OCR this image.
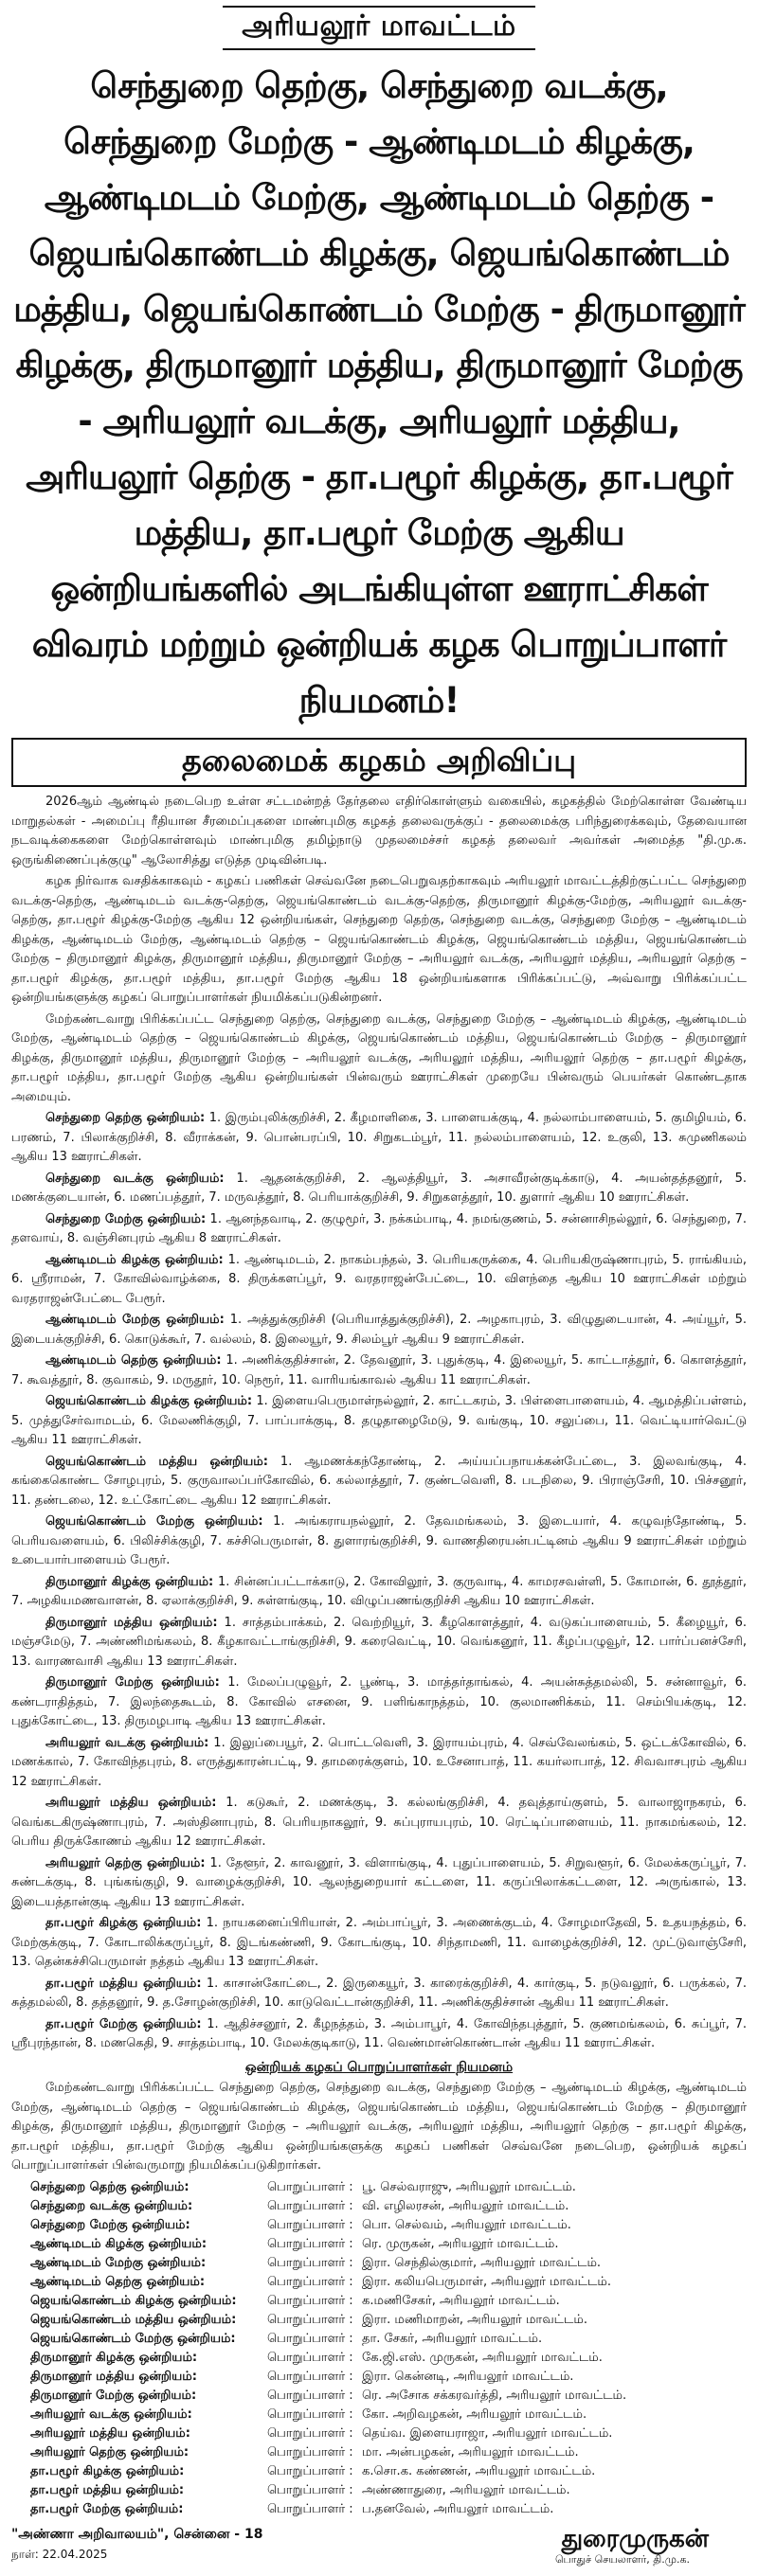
அரியலூர் மாவட்டம்
செந்துறை தெற்கு, செந்துறை வடக்கு, செந்துறை மேற்கு - ஆண்டிமடம் கிழக்கு, ஆண்டிமடம் மேற்கு, ஆண்டிமடம் தெற்கு - ஜெயங்கொண்டம் கிழக்கு, ஜெயங்கொண்டம் மத்திய, ஜெயங்கொண்டம் மேற்கு - திருமானூர் கிழக்கு, திருமானூர் மத்திய, திருமானூர் மேற்கு - அரியலூர் வடக்கு, அரியலூர் மத்திய, அரியலூர் தெற்கு - தா.பழூர் கிழக்கு, தா.பழூர் மத்திய, தா.பழூர் மேற்கு ஆகிய ஒன்றியங்களில் அடங்கியுள்ள ஊராட்சிகள் விவரம் மற்றும் ஒன்றியக் கழக பொறுப்பாளர் நியமனம்!
தலைமைக் கழகம் அறிவிப்பு

2026ஆம் ஆண்டில் நடைபெற உள்ள சட்டமன்றத் தேர்தலை எதிர்கொள்ளும் வகையில், கழகத்தில் மேற்கொள்ள வேண்டிய மாறுதல்கள் - அமைப்பு ரீதியான சீரமைப்புகளை மாண்புமிகு கழகத் தலைவருக்குப் - தலைமைக்கு பரிந்துரைக்கவும், தேவையான நடவடிக்கைகளை மேற்கொள்ளவும் மாண்புமிகு தமிழ்நாடு முதலமைச்சர் கழகத் தலைவர் அவர்கள் அமைத்த "தி.மு.க. ஒருங்கிணைப்புக்குழு" ஆலோசித்து எடுத்த முடிவின்படி.

கழக நிர்வாக வசதிக்காகவும் - கழகப் பணிகள் செவ்வனே நடைபெறுவதற்காகவும் அரியலூர் மாவட்டத்திற்குட்பட்ட செந்துறை வடக்கு-தெற்கு, ஆண்டிமடம் வடக்கு-தெற்கு, ஜெயங்கொண்டம் வடக்கு-தெற்கு, திருமானூர் கிழக்கு-மேற்கு, அரியலூர் வடக்கு-தெற்கு, தா.பழூர் கிழக்கு-மேற்கு ஆகிய 12 ஒன்றியங்கள், செந்துறை தெற்கு, செந்துறை வடக்கு, செந்துறை மேற்கு – ஆண்டிமடம் கிழக்கு, ஆண்டிமடம் மேற்கு, ஆண்டிமடம் தெற்கு – ஜெயங்கொண்டம் கிழக்கு, ஜெயங்கொண்டம் மத்திய, ஜெயங்கொண்டம் மேற்கு – திருமானூர் கிழக்கு, திருமானூர் மத்திய, திருமானூர் மேற்கு – அரியலூர் வடக்கு, அரியலூர் மத்திய, அரியலூர் தெற்கு – தா.பழூர் கிழக்கு, தா.பழூர் மத்திய, தா.பழூர் மேற்கு ஆகிய 18 ஒன்றியங்களாக பிரிக்கப்பட்டு, அவ்வாறு பிரிக்கப்பட்ட ஒன்றியங்களுக்கு கழகப் பொறுப்பாளர்கள் நியமிக்கப்படுகின்றனர்.

மேற்கண்டவாறு பிரிக்கப்பட்ட செந்துறை தெற்கு, செந்துறை வடக்கு, செந்துறை மேற்கு – ஆண்டிமடம் கிழக்கு, ஆண்டிமடம் மேற்கு, ஆண்டிமடம் தெற்கு – ஜெயங்கொண்டம் கிழக்கு, ஜெயங்கொண்டம் மத்திய, ஜெயங்கொண்டம் மேற்கு – திருமானூர் கிழக்கு, திருமானூர் மத்திய, திருமானூர் மேற்கு – அரியலூர் வடக்கு, அரியலூர் மத்திய, அரியலூர் தெற்கு – தா.பழூர் கிழக்கு, தா.பழூர் மத்திய, தா.பழூர் மேற்கு ஆகிய ஒன்றியங்கள் பின்வரும் ஊராட்சிகள் முறையே பின்வரும் பெயர்கள் கொண்டதாக அமையும்.

செந்துறை தெற்கு ஒன்றியம்: 1. இரும்புலிக்குறிச்சி, 2. கீழமாளிகை, 3. பாளையக்குடி, 4. நல்லாம்பாளையம், 5. குமிழியம், 6. பரணம், 7. பிலாக்குறிச்சி, 8. வீராக்கன், 9. பொன்பரப்பி, 10. சிறுகடம்பூர், 11. நல்லம்பாளையம், 12. உகுலி, 13. சுமுணிகலம் ஆகிய 13 ஊராட்சிகள்.

செந்துறை வடக்கு ஒன்றியம்: 1. ஆதனக்குறிச்சி, 2. ஆலத்தியூர், 3. அசாவீரன்குடிக்காடு, 4. அயன்தத்தனூர், 5. மணக்குடையான், 6. மணப்பத்தூர், 7. மருவத்தூர், 8. பெரியாக்குறிச்சி, 9. சிறுகளத்தூர், 10. துளார் ஆகிய 10 ஊராட்சிகள்.

செந்துறை மேற்கு ஒன்றியம்: 1. ஆனந்தவாடி, 2. குழுமூர், 3. நக்கம்பாடி, 4. நமங்குணம், 5. சன்னாசிநல்லூர், 6. செந்துறை, 7. தளவாய், 8. வஞ்சினபுரம் ஆகிய 8 ஊராட்சிகள்.

ஆண்டிமடம் கிழக்கு ஒன்றியம்: 1. ஆண்டிமடம், 2. நாகம்பந்தல், 3. பெரியகருக்கை, 4. பெரியகிருஷ்ணாபுரம், 5. ராங்கியம், 6. ஸ்ரீராமன், 7. கோவில்வாழ்க்கை, 8. திருக்களப்பூர், 9. வரதராஜன்பேட்டை, 10. விளந்தை ஆகிய 10 ஊராட்சிகள் மற்றும் வரதராஜன்பேட்டை பேரூர்.

ஆண்டிமடம் மேற்கு ஒன்றியம்: 1. அத்துக்குறிச்சி (பெரியாத்துக்குறிச்சி), 2. அழகாபுரம், 3. விழுதுடையான், 4. அய்யூர், 5. இடையக்குறிச்சி, 6. கொடுக்கூர், 7. வல்லம், 8. இலையூர், 9. சிலம்பூர் ஆகிய 9 ஊராட்சிகள்.

ஆண்டிமடம் தெற்கு ஒன்றியம்: 1. அணிக்குதிச்சான், 2. தேவனூர், 3. புதுக்குடி, 4. இலையூர், 5. காட்டாத்தூர், 6. கொளத்தூர், 7. கூவத்தூர், 8. குவாகம், 9. மருதூர், 10. நெரூர், 11. வாரியங்காவல் ஆகிய 11 ஊராட்சிகள்.

ஜெயங்கொண்டம் கிழக்கு ஒன்றியம்: 1. இளையபெருமாள்நல்லூர், 2. காட்டகரம், 3. பிள்ளைபாளையம், 4. ஆமத்திப்பள்ளம், 5. முத்துசேர்வாமடம், 6. மேலணிக்குழி, 7. பாப்பாக்குடி, 8. தழுதாழைமேடு, 9. வங்குடி, 10. சலுப்பை, 11. வெட்டியார்வெட்டு ஆகிய 11 ஊராட்சிகள்.

ஜெயங்கொண்டம் மத்திய ஒன்றியம்: 1. ஆமணக்கந்தோண்டி, 2. அய்யப்பநாயக்கன்பேட்டை, 3. இலவங்குடி, 4. கங்கைகொண்ட சோழபுரம், 5. குருவாலப்பர்கோவில், 6. கல்லாத்தூர், 7. குண்டவெளி, 8. படநிலை, 9. பிராஞ்சேரி, 10. பிச்சனூர், 11. தண்டலை, 12. உட்கோட்டை ஆகிய 12 ஊராட்சிகள்.

ஜெயங்கொண்டம் மேற்கு ஒன்றியம்: 1. அங்கராயநல்லூர், 2. தேவமங்கலம், 3. இடையார், 4. கழுவந்தோண்டி, 5. பெரியவளையம், 6. பிலிச்சிக்குழி, 7. கச்சிபெருமாள், 8. துளாரங்குறிச்சி, 9. வாணதிரையன்பட்டினம் ஆகிய 9 ஊராட்சிகள் மற்றும் உடையார்பாளையம் பேரூர்.

திருமானூர் கிழக்கு ஒன்றியம்: 1. சின்னப்பட்டாக்காடு, 2. கோவிலூர், 3. குருவாடி, 4. காமரசவள்ளி, 5. கோமான், 6. தூத்தூர், 7. அழகியமணவாளன், 8. ஏலாக்குறிச்சி, 9. சுள்ளங்குடி, 10. விழுப்பணங்குறிச்சி ஆகிய 10 ஊராட்சிகள்.

திருமானூர் மத்திய ஒன்றியம்: 1. சாத்தம்பாக்கம், 2. வெற்றியூர், 3. கீழகொளத்தூர், 4. வடுகப்பாளையம், 5. கீழையூர், 6. மஞ்சமேடு, 7. அண்ணிமங்கலம், 8. கீழகாவட்டாங்குறிச்சி, 9. கரைவெட்டி, 10. வெங்கனூர், 11. கீழப்பழுவூர், 12. பார்ப்பனச்சேரி, 13. வாரணவாசி ஆகிய 13 ஊராட்சிகள்.

திருமானூர் மேற்கு ஒன்றியம்: 1. மேலப்பழுவூர், 2. பூண்டி, 3. மாத்தர்தாங்கல், 4. அயன்சுத்தமல்லி, 5. சன்னாவூர், 6. கண்டராதித்தம், 7. இலந்தைகூடம், 8. கோவில் எசனை, 9. பளிங்காநத்தம், 10. குலமாணிக்கம், 11. செம்பியக்குடி, 12. புதுக்கோட்டை, 13. திருமழபாடி ஆகிய 13 ஊராட்சிகள்.

அரியலூர் வடக்கு ஒன்றியம்: 1. இலுப்பையூர், 2. பொட்டவெளி, 3. இராயம்புரம், 4. செவ்வேலங்கம், 5. ஒட்டக்கோவில், 6. மணக்கால், 7. கோவிந்தபுரம், 8. எருத்துகாரன்பட்டி, 9. தாமரைக்குளம், 10. உசேனாபாத், 11. கயர்லாபாத், 12. சிவவாசபுரம் ஆகிய 12 ஊராட்சிகள்.

அரியலூர் மத்திய ஒன்றியம்: 1. கடுகூர், 2. மணக்குடி, 3. கல்லங்குறிச்சி, 4. தவுத்தாய்குளம், 5. வாலாஜாநகரம், 6. வெங்கடகிருஷ்ணாபுரம், 7. அஸ்தினாபுரம், 8. பெரியநாகலூர், 9. சுப்புராயபுரம், 10. ரெட்டிப்பாளையம், 11. நாகமங்கலம், 12. பெரிய திருக்கோணம் ஆகிய 12 ஊராட்சிகள்.

அரியலூர் தெற்கு ஒன்றியம்: 1. தேளூர், 2. காவனூர், 3. விளாங்குடி, 4. புதுப்பாளையம், 5. சிறுவளூர், 6. மேலக்கருப்பூர், 7. சுண்டக்குடி, 8. புங்கங்குழி, 9. வாழைக்குறிச்சி, 10. ஆலந்துறையார் கட்டளை, 11. கருப்பிலாக்கட்டளை, 12. அருங்கால், 13. இடையத்தான்குடி ஆகிய 13 ஊராட்சிகள்.

தா.பழூர் கிழக்கு ஒன்றியம்: 1. நாயகனைப்பிரியாள், 2. அம்பாப்பூர், 3. அணைக்குடம், 4. சோழமாதேவி, 5. உதயநத்தம், 6. மேற்குக்குடி, 7. கோடாலிக்கருப்பூர், 8. இடங்கண்ணி, 9. கோடங்குடி, 10. சிந்தாமணி, 11. வாழைக்குறிச்சி, 12. முட்டுவாஞ்சேரி, 13. தென்கச்சிபெருமாள் நத்தம் ஆகிய 13 ஊராட்சிகள்.

தா.பழூர் மத்திய ஒன்றியம்: 1. காசான்கோட்டை, 2. இருகையூர், 3. காரைக்குறிச்சி, 4. கார்குடி, 5. நடுவலூர், 6. பருக்கல், 7. சுத்தமல்லி, 8. தத்தனூர், 9. த.சோழன்குறிச்சி, 10. காடுவெட்டான்குறிச்சி, 11. அணிக்குதிச்சான் ஆகிய 11 ஊராட்சிகள்.

தா.பழூர் மேற்கு ஒன்றியம்: 1. ஆதிச்சனூர், 2. கீழநத்தம், 3. அம்பாபூர், 4. கோவிந்தபுத்தூர், 5. குணமங்கலம், 6. சுப்பூர், 7. ஸ்ரீபுரந்தான், 8. மணகெதி, 9. சாத்தம்பாடி, 10. மேலக்குடிகாடு, 11. வெண்மான்கொண்டான் ஆகிய 11 ஊராட்சிகள்.

ஒன்றியக் கழகப் பொறுப்பாளர்கள் நியமனம்

மேற்கண்டவாறு பிரிக்கப்பட்ட செந்துறை தெற்கு, செந்துறை வடக்கு, செந்துறை மேற்கு – ஆண்டிமடம் கிழக்கு, ஆண்டிமடம் மேற்கு, ஆண்டிமடம் தெற்கு – ஜெயங்கொண்டம் கிழக்கு, ஜெயங்கொண்டம் மத்திய, ஜெயங்கொண்டம் மேற்கு – திருமானூர் கிழக்கு, திருமானூர் மத்திய, திருமானூர் மேற்கு – அரியலூர் வடக்கு, அரியலூர் மத்திய, அரியலூர் தெற்கு – தா.பழூர் கிழக்கு, தா.பழூர் மத்திய, தா.பழூர் மேற்கு ஆகிய ஒன்றியங்களுக்கு கழகப் பணிகள் செவ்வனே நடைபெற, ஒன்றியக் கழகப் பொறுப்பாளர்கள் பின்வருமாறு நியமிக்கப்படுகிறார்கள்.

செந்துறை தெற்கு ஒன்றியம்:	பொறுப்பாளர் : பூ. செல்வராஜு, அரியலூர் மாவட்டம்.
செந்துறை வடக்கு ஒன்றியம்:	பொறுப்பாளர் : வி. எழிலரசன், அரியலூர் மாவட்டம்.
செந்துறை மேற்கு ஒன்றியம்:	பொறுப்பாளர் : பொ. செல்வம், அரியலூர் மாவட்டம்.
ஆண்டிமடம் கிழக்கு ஒன்றியம்:	பொறுப்பாளர் : ரெ. முருகன், அரியலூர் மாவட்டம்.
ஆண்டிமடம் மேற்கு ஒன்றியம்:	பொறுப்பாளர் : இரா. செந்தில்குமார், அரியலூர் மாவட்டம்.
ஆண்டிமடம் தெற்கு ஒன்றியம்:	பொறுப்பாளர் : இரா. கலியபெருமாள், அரியலூர் மாவட்டம்.
ஜெயங்கொண்டம் கிழக்கு ஒன்றியம்:	பொறுப்பாளர் : க.மணிசேகர், அரியலூர் மாவட்டம்.
ஜெயங்கொண்டம் மத்திய ஒன்றியம்:	பொறுப்பாளர் : இரா. மணிமாறன், அரியலூர் மாவட்டம்.
ஜெயங்கொண்டம் மேற்கு ஒன்றியம்:	பொறுப்பாளர் : தா. சேகர், அரியலூர் மாவட்டம்.
திருமானூர் கிழக்கு ஒன்றியம்:	பொறுப்பாளர் : கே.ஜி.எஸ். முருகன், அரியலூர் மாவட்டம்.
திருமானூர் மத்திய ஒன்றியம்:	பொறுப்பாளர் : இரா. கென்னடி, அரியலூர் மாவட்டம்.
திருமானூர் மேற்கு ஒன்றியம்:	பொறுப்பாளர் : ரெ. அசோக சக்கரவர்த்தி, அரியலூர் மாவட்டம்.
அரியலூர் வடக்கு ஒன்றியம்:	பொறுப்பாளர் : கோ. அறிவழகன், அரியலூர் மாவட்டம்.
அரியலூர் மத்திய ஒன்றியம்:	பொறுப்பாளர் : தெய்வ. இளையராஜா, அரியலூர் மாவட்டம்.
அரியலூர் தெற்கு ஒன்றியம்:	பொறுப்பாளர் : மா. அன்பழகன், அரியலூர் மாவட்டம்.
தா.பழூர் கிழக்கு ஒன்றியம்:	பொறுப்பாளர் : க.சொ.க. கண்ணன், அரியலூர் மாவட்டம்.
தா.பழூர் மத்திய ஒன்றியம்:	பொறுப்பாளர் : அண்ணாதுரை, அரியலூர் மாவட்டம்.
தா.பழூர் மேற்கு ஒன்றியம்:	பொறுப்பாளர் : ப.தனவேல், அரியலூர் மாவட்டம்.
"அண்ணா அறிவாலயம்", சென்னை - 18
நாள்: 22.04.2025
துரைமுருகன்
பொதுச் செயலாளர், தி.மு.க.
